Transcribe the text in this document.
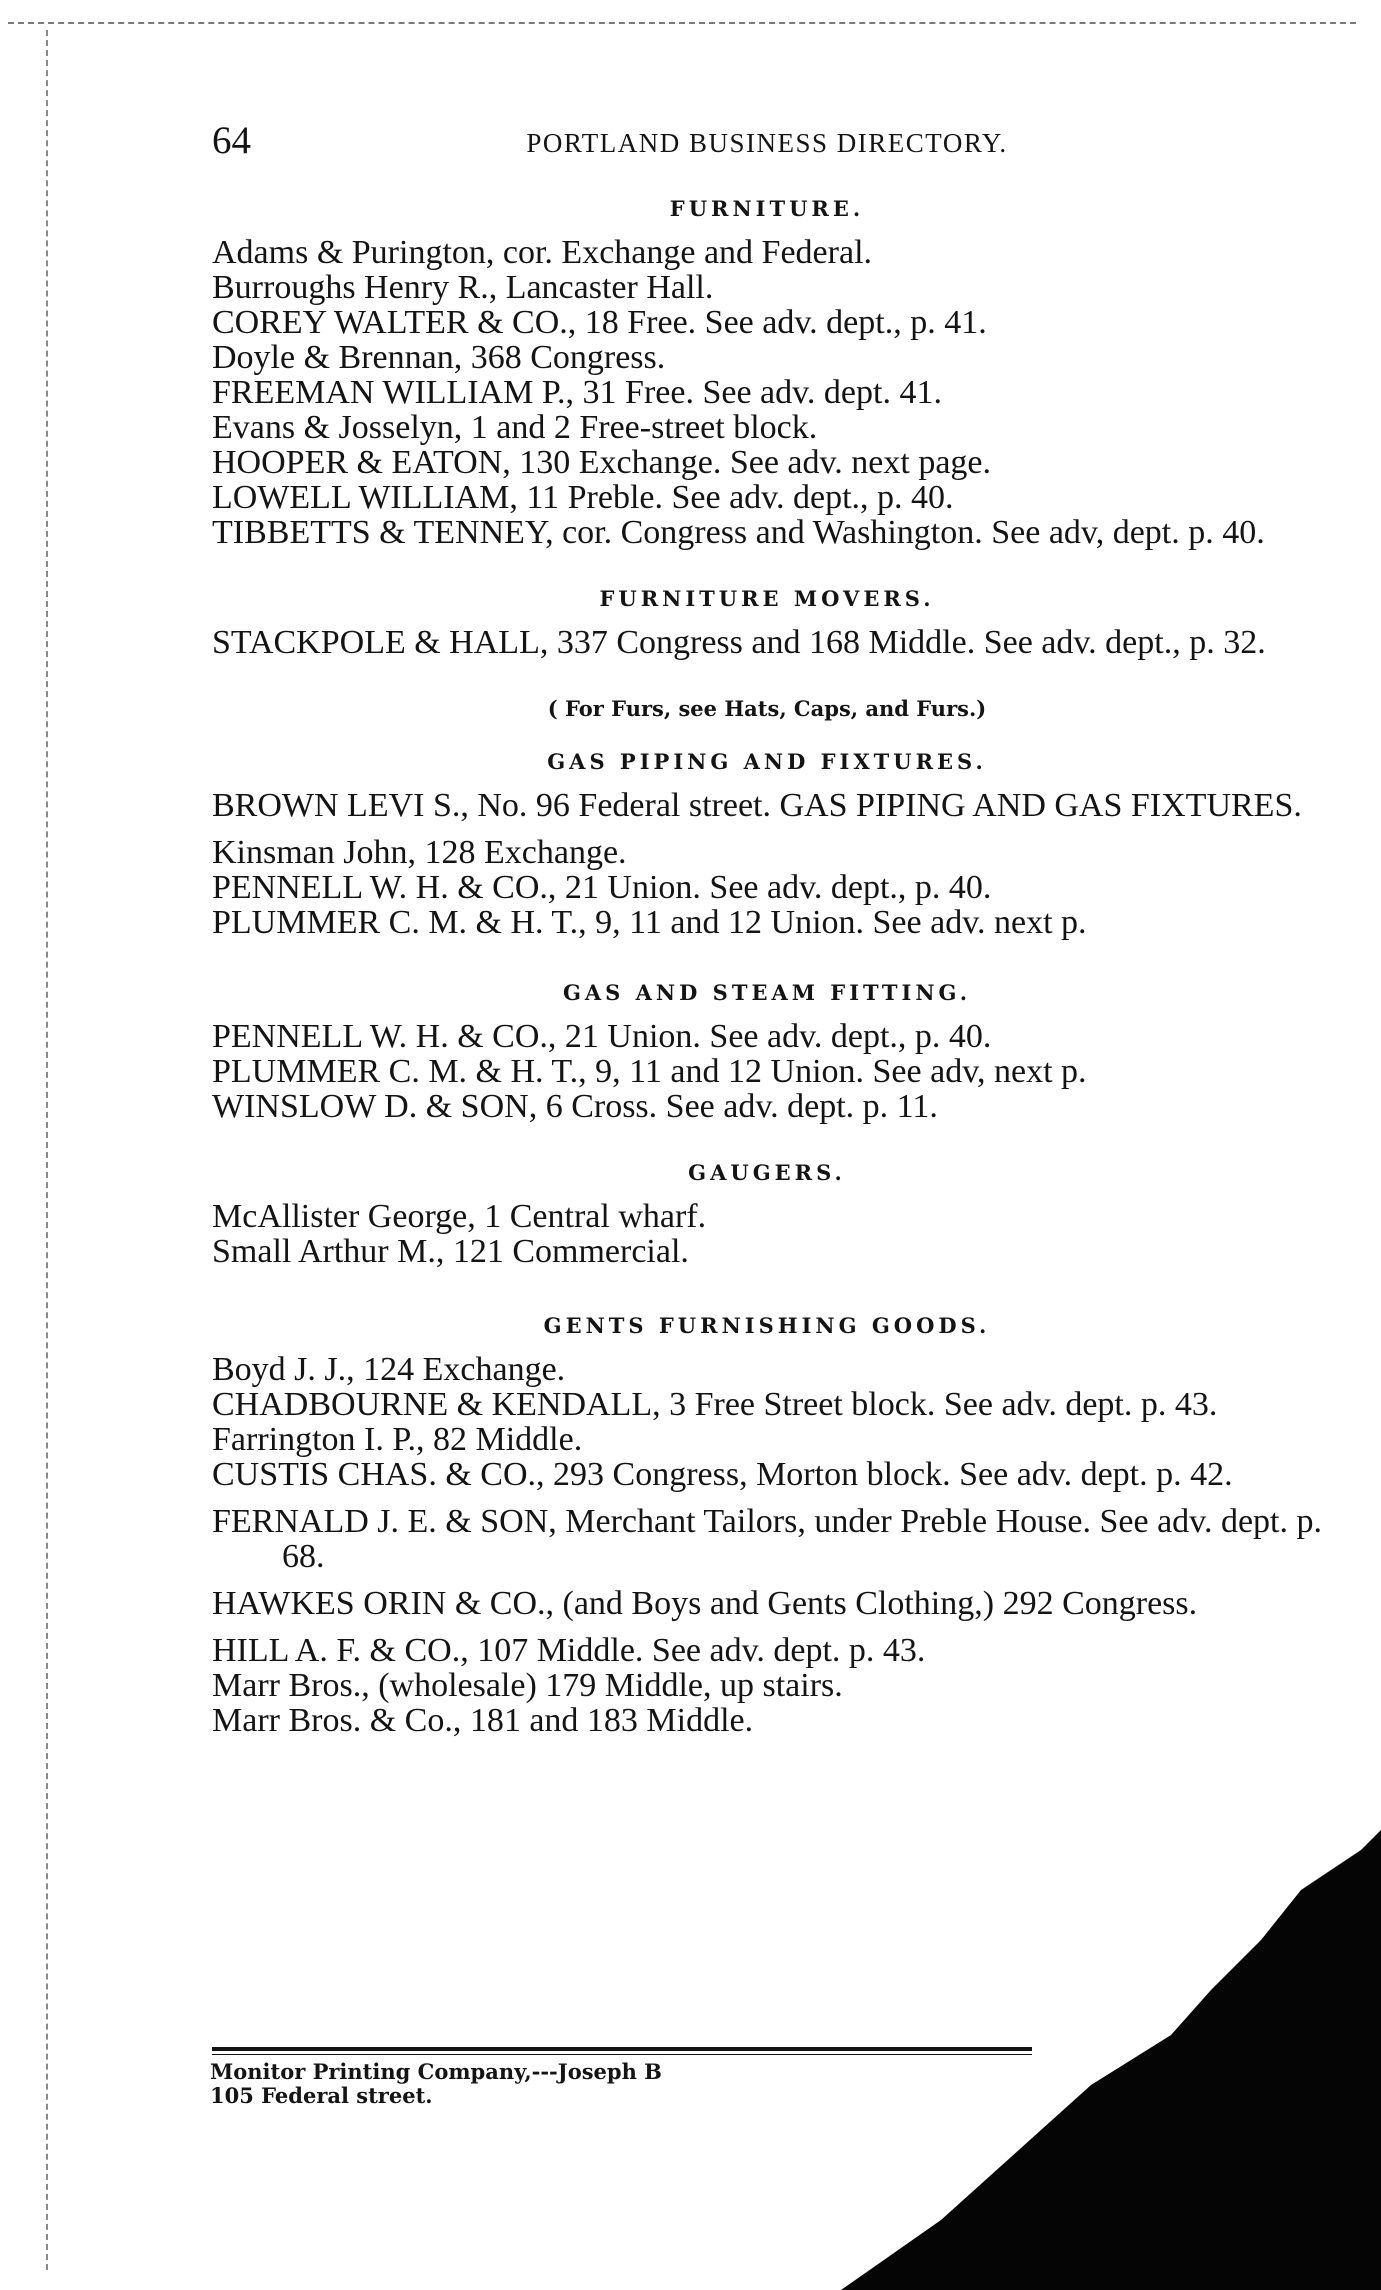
64	PORTLAND BUSINESS DIRECTORY.
FURNITURE.

Adams & Purington, cor. Exchange and Federal.

Burroughs Henry R., Lancaster Hall.

COREY WALTER & CO., 18 Free. See adv. dept., p. 41.

Doyle & Brennan, 368 Congress.

FREEMAN WILLIAM P., 31 Free. See adv. dept. 41.

Evans & Josselyn, 1 and 2 Free-street block.

HOOPER & EATON, 130 Exchange. See adv. next page.

LOWELL WILLIAM, 11 Preble. See adv. dept., p. 40.

TIBBETTS & TENNEY, cor. Congress and Washington. See adv, dept. p. 40.

FURNITURE MOVERS.

STACKPOLE & HALL, 337 Congress and 168 Middle. See adv. dept., p. 32.

( For Furs, see Hats, Caps, and Furs.)
GAS PIPING AND FIXTURES.

BROWN LEVI S., No. 96 Federal street. GAS PIPING AND GAS FIXTURES.

Kinsman John, 128 Exchange.

PENNELL W. H. & CO., 21 Union. See adv. dept., p. 40.

PLUMMER C. M. & H. T., 9, 11 and 12 Union. See adv. next p.

GAS AND STEAM FITTING.

PENNELL W. H. & CO., 21 Union. See adv. dept., p. 40.

PLUMMER C. M. & H. T., 9, 11 and 12 Union. See adv, next p.

WINSLOW D. & SON, 6 Cross. See adv. dept. p. 11.

GAUGERS.

McAllister George, 1 Central wharf.

Small Arthur M., 121 Commercial.

GENTS FURNISHING GOODS.

Boyd J. J., 124 Exchange.

CHADBOURNE & KENDALL, 3 Free Street block. See adv. dept. p. 43.

Farrington I. P., 82 Middle.

CUSTIS CHAS. & CO., 293 Congress, Morton block. See adv. dept. p. 42.

FERNALD J. E. & SON, Merchant Tailors, under Preble House. See adv. dept. p. 68.

HAWKES ORIN & CO., (and Boys and Gents Clothing,) 292 Congress.

HILL A. F. & CO., 107 Middle. See adv. dept. p. 43.

Marr Bros., (wholesale) 179 Middle, up stairs.

Marr Bros. & Co., 181 and 183 Middle.

Monitor Printing Company,---Joseph B
105 Federal street.
